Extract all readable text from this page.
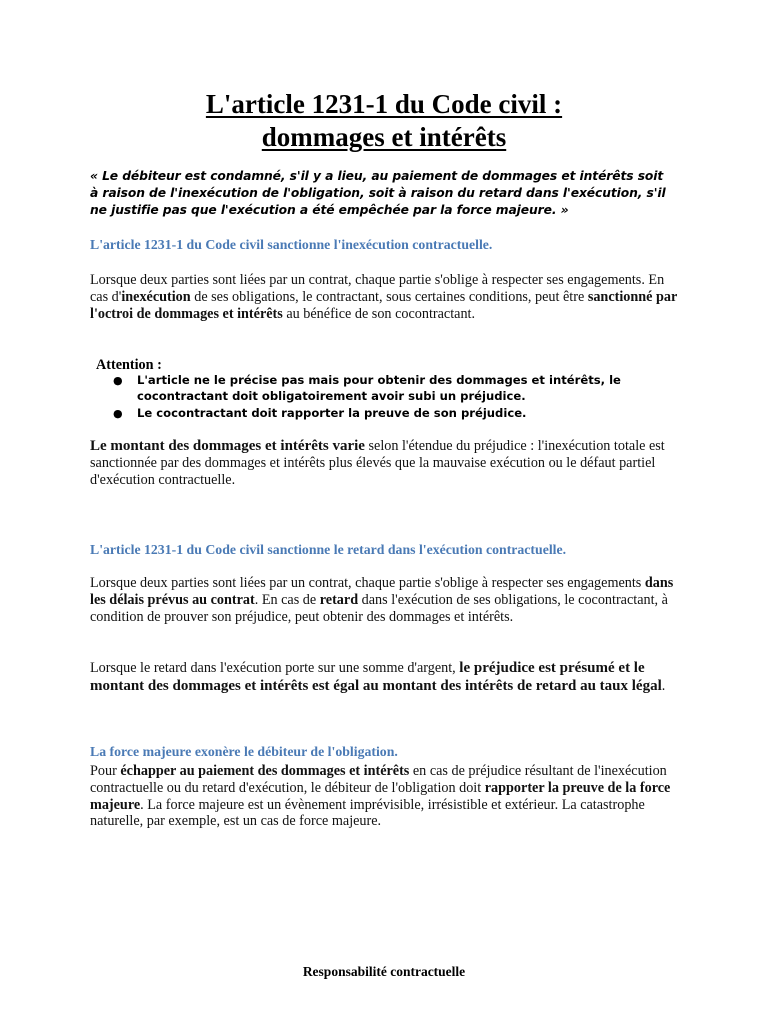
L'article 1231-1 du Code civil :
dommages et intérêts

« Le débiteur est condamné, s'il y a lieu, au paiement de dommages et intérêts soit à raison de l'inexécution de l'obligation, soit à raison du retard dans l'exécution, s'il ne justifie pas que l'exécution a été empêchée par la force majeure. »

L'article 1231-1 du Code civil sanctionne l'inexécution contractuelle.

Lorsque deux parties sont liées par un contrat, chaque partie s'oblige à respecter ses engagements. En cas d'inexécution de ses obligations, le contractant, sous certaines conditions, peut être sanctionné par l'octroi de dommages et intérêts au bénéfice de son cocontractant.

Attention :

● L'article ne le précise pas mais pour obtenir des dommages et intérêts, le cocontractant doit obligatoirement avoir subi un préjudice.
● Le cocontractant doit rapporter la preuve de son préjudice.

Le montant des dommages et intérêts varie selon l'étendue du préjudice : l'inexécution totale est sanctionnée par des dommages et intérêts plus élevés que la mauvaise exécution ou le défaut partiel d'exécution contractuelle.

L'article 1231-1 du Code civil sanctionne le retard dans l'exécution contractuelle.

Lorsque deux parties sont liées par un contrat, chaque partie s'oblige à respecter ses engagements dans les délais prévus au contrat. En cas de retard dans l'exécution de ses obligations, le cocontractant, à condition de prouver son préjudice, peut obtenir des dommages et intérêts.

Lorsque le retard dans l'exécution porte sur une somme d'argent, le préjudice est présumé et le montant des dommages et intérêts est égal au montant des intérêts de retard au taux légal.

La force majeure exonère le débiteur de l'obligation.

Pour échapper au paiement des dommages et intérêts en cas de préjudice résultant de l'inexécution contractuelle ou du retard d'exécution, le débiteur de l'obligation doit rapporter la preuve de la force majeure. La force majeure est un évènement imprévisible, irrésistible et extérieur. La catastrophe naturelle, par exemple, est un cas de force majeure.

Responsabilité contractuelle
